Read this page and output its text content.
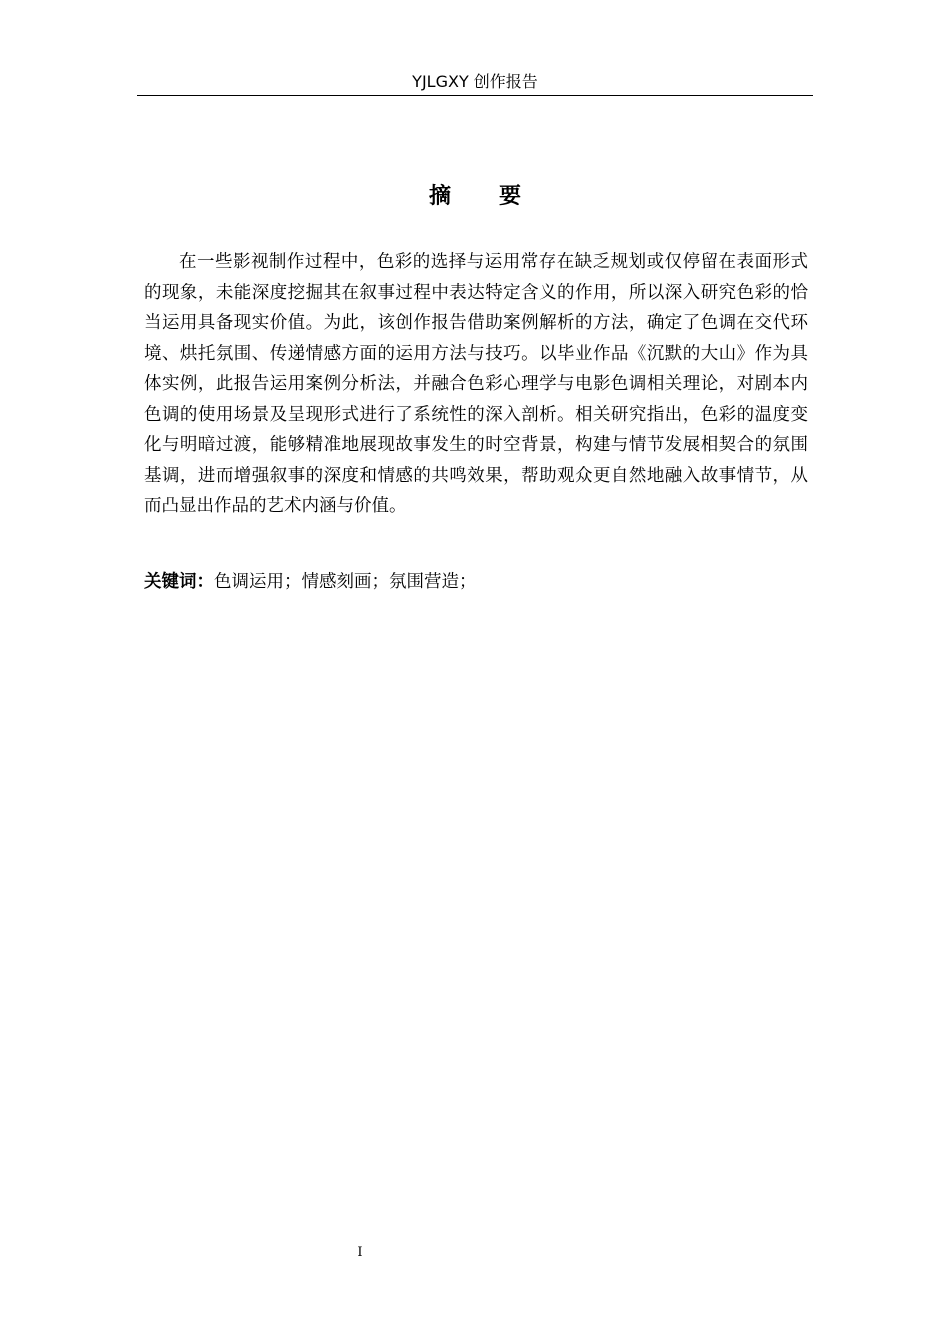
YJLGXY 创作报告
摘要

在一些影视制作过程中，色彩的选择与运用常存在缺乏规划或仅停留在表面形式的现象，未能深度挖掘其在叙事过程中表达特定含义的作用，所以深入研究色彩的恰当运用具备现实价值。为此，该创作报告借助案例解析的方法，确定了色调在交代环境、烘托氛围、传递情感方面的运用方法与技巧。以毕业作品《沉默的大山》作为具体实例，此报告运用案例分析法，并融合色彩心理学与电影色调相关理论，对剧本内色调的使用场景及呈现形式进行了系统性的深入剖析。相关研究指出，色彩的温度变化与明暗过渡，能够精准地展现故事发生的时空背景，构建与情节发展相契合的氛围基调，进而增强叙事的深度和情感的共鸣效果，帮助观众更自然地融入故事情节，从而凸显出作品的艺术内涵与价值。

关键词：色调运用；情感刻画；氛围营造；
I
